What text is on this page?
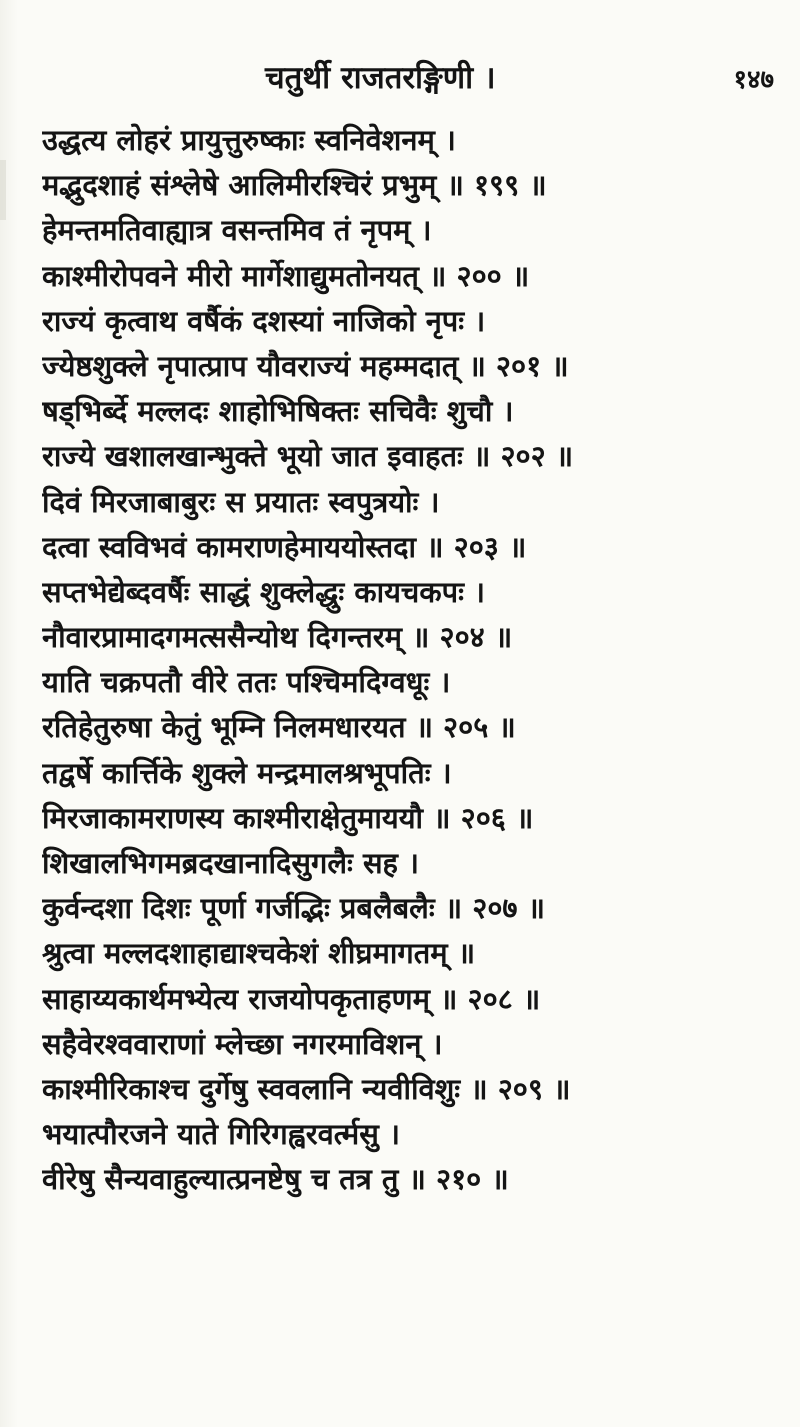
चतुर्थी राजतरङ्गिणी ।	१४७
उद्धत्य लोहरं प्रायुत्तुरुष्काः स्वनिवेशनम् ।
मद्भुदशाहं संश्लेषे आलिमीरश्चिरं प्रभुम् ॥ १९९ ॥
हेमन्तमतिवाह्यात्र वसन्तमिव तं नृपम् ।
काश्मीरोपवने मीरो मार्गेशाद्युमतोनयत् ॥ २०० ॥
राज्यं कृत्वाथ वर्षैकं दशस्यां नाजिको नृपः ।
ज्येष्ठशुक्ले नृपात्प्राप यौवराज्यं महम्मदात् ॥ २०१ ॥
षड्भिर्ब्दे मल्लदः शाहोभिषिक्तः सचिवैः शुचौ ।
राज्ये खशालखान्भुक्ते भूयो जात इवाहतः ॥ २०२ ॥
दिवं मिरजाबाबुरः स प्रयातः स्वपुत्रयोः ।
दत्वा स्वविभवं कामराणहेमाययोस्तदा ॥ २०३ ॥
सप्तभेद्येब्दवर्षैः साद्धं शुक्लेद्धुः कायचकपः ।
नौवारप्रामादगमत्ससैन्योथ दिगन्तरम् ॥ २०४ ॥
याति चक्रपतौ वीरे ततः पश्चिमदिग्वधूः ।
रतिहेतुरुषा केतुं भूम्नि निलमधारयत ॥ २०५ ॥
तद्वर्षे कार्त्तिके शुक्ले मन्द्रमालश्रभूपतिः ।
मिरजाकामराणस्य काश्मीराक्षेतुमाययौ ॥ २०६ ॥
शिखालभिगमब्रदखानादिसुगलैः सह ।
कुर्वन्दशा दिशः पूर्णा गर्जद्भिः प्रबलैबलैः ॥ २०७ ॥
श्रुत्वा मल्लदशाहाद्याश्चकेशं शीघ्रमागतम् ॥
साहाय्यकार्थमभ्येत्य राजयोपकृताहणम् ॥ २०८ ॥
सहैवेरश्ववाराणां म्लेच्छा नगरमाविशन् ।
काश्मीरिकाश्च दुर्गेषु स्ववलानि न्यवीविशुः ॥ २०९ ॥
भयात्पौरजने याते गिरिगह्वरवर्त्मसु ।
वीरेषु सैन्यवाहुल्यात्प्रनष्टेषु च तत्र तु ॥ २१० ॥
